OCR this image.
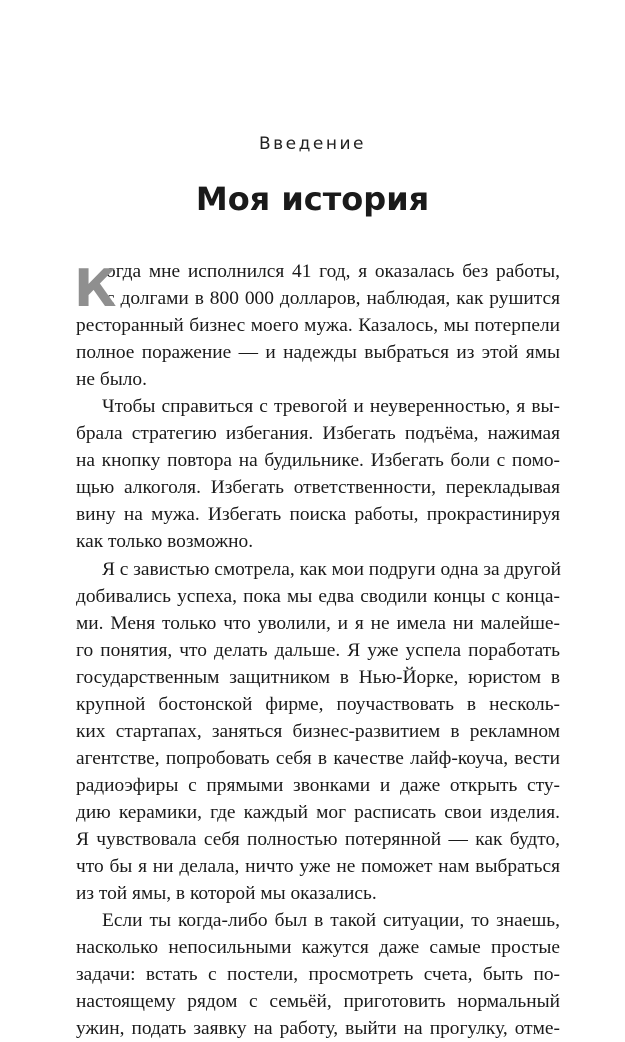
Введение
Моя история
К
огда мне исполнился 41 год, я оказалась без работы,
с долгами в 800 000 долларов, наблюдая, как рушится
ресторанный бизнес моего мужа. Казалось, мы потерпели
полное поражение — и надежды выбраться из этой ямы
не было.
Чтобы справиться с тревогой и неуверенностью, я вы-
брала стратегию избегания. Избегать подъёма, нажимая
на кнопку повтора на будильнике. Избегать боли с помо-
щью алкоголя. Избегать ответственности, перекладывая
вину на мужа. Избегать поиска работы, прокрастинируя
как только возможно.
Я с завистью смотрела, как мои подруги одна за другой
добивались успеха, пока мы едва сводили концы с конца-
ми. Меня только что уволили, и я не имела ни малейше-
го понятия, что делать дальше. Я уже успела поработать
государственным защитником в Нью-Йорке, юристом в
крупной бостонской фирме, поучаствовать в несколь-
ких стартапах, заняться бизнес-развитием в рекламном
агентстве, попробовать себя в качестве лайф-коуча, вести
радиоэфиры с прямыми звонками и даже открыть сту-
дию керамики, где каждый мог расписать свои изделия.
Я чувствовала себя полностью потерянной — как будто,
что бы я ни делала, ничто уже не поможет нам выбраться
из той ямы, в которой мы оказались.
Если ты когда-либо был в такой ситуации, то знаешь,
насколько непосильными кажутся даже самые простые
задачи: встать с постели, просмотреть счета, быть по-
настоящему рядом с семьёй, приготовить нормальный
ужин, подать заявку на работу, выйти на прогулку, отме-
